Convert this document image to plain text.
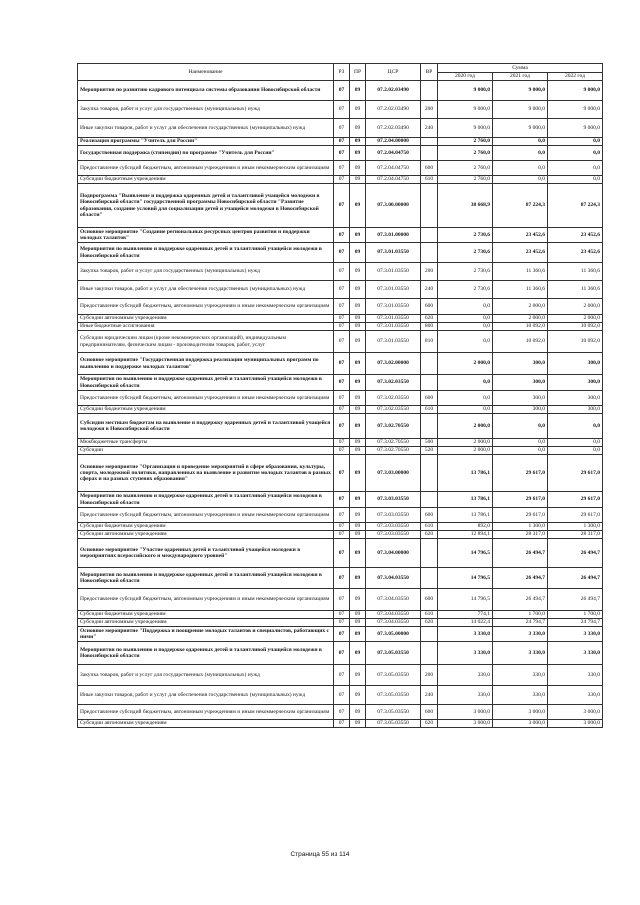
Наименование	РЗ	ПР	ЦСР	ВР	Сумма		
					2020 год	2021 год	2022 год
Мероприятия по развитию кадрового потенциала системы образования Новосибирской области	07	09	07.2.02.03490		9 000,0	9 000,0	9 000,0
Закупка товаров, работ и услуг для государственных (муниципальных) нужд	07	09	07.2.02.03490	200	9 000,0	9 000,0	9 000,0
Иные закупки товаров, работ и услуг для обеспечения государственных (муниципальных) нужд	07	09	07.2.02.03490	240	9 000,0	9 000,0	9 000,0
Реализация программы "Учитель для России"	07	09	07.2.04.00000		2 760,0	0,0	0,0
Государственная поддержка (стипендии) по программе "Учитель для России"	07	09	07.2.04.04750		2 760,0	0,0	0,0
Предоставление субсидий бюджетным, автономным учреждениям и иным некоммерческим организациям	07	09	07.2.04.04750	600	2 760,0	0,0	0,0
Субсидии бюджетным учреждениям	07	09	07.2.04.04750	610	2 760,0	0,0	0,0
Подпрограмма "Выявление и поддержка одаренных детей и талантливой учащейся молодежи в Новосибирской области" государственной программы Новосибирской области "Развитие образования, создание условий для социализации детей и учащейся молодежи в Новосибирской области"	07	09	07.3.00.00000		38 668,9	87 224,3	87 224,3
Основное мероприятие "Создание региональных ресурсных центров развития и поддержки молодых талантов"	07	09	07.3.01.00000		2 730,6	23 452,6	23 452,6
Мероприятия по выявлению и поддержке одаренных детей и талантливой учащейся молодежи в Новосибирской области	07	09	07.3.01.03550		2 730,6	23 452,6	23 452,6
Закупка товаров, работ и услуг для государственных (муниципальных) нужд	07	09	07.3.01.03550	200	2 730,6	11 360,6	11 360,6
Иные закупки товаров, работ и услуг для обеспечения государственных (муниципальных) нужд	07	09	07.3.01.03550	240	2 730,6	11 360,6	11 360,6
Предоставление субсидий бюджетным, автономным учреждениям и иным некоммерческим организациям	07	09	07.3.01.03550	600	0,0	2 000,0	2 000,0
Субсидии автономным учреждениям	07	09	07.3.01.03550	620	0,0	2 000,0	2 000,0
Иные бюджетные ассигнования	07	09	07.3.01.03550	800	0,0	10 092,0	10 092,0
Субсидии юридическим лицам (кроме некоммерческих организаций), индивидуальным предпринимателям, физическим лицам - производителям товаров, работ, услуг	07	09	07.3.01.03550	810	0,0	10 092,0	10 092,0
Основное мероприятие "Государственная поддержка реализации муниципальных программ по выявлению и поддержке молодых талантов"	07	09	07.3.02.00000		2 000,0	300,0	300,0
Мероприятия по выявлению и поддержке одаренных детей и талантливой учащейся молодежи в Новосибирской области	07	09	07.3.02.03550		0,0	300,0	300,0
Предоставление субсидий бюджетным, автономным учреждениям и иным некоммерческим организациям	07	09	07.3.02.03550	600	0,0	300,0	300,0
Субсидии бюджетным учреждениям	07	09	07.3.02.03550	610	0,0	300,0	300,0
Субсидии местным бюджетам на выявление и поддержку одаренных детей и талантливой учащейся молодежи в Новосибирской области	07	09	07.3.02.70550		2 000,0	0,0	0,0
Межбюджетные трансферты	07	09	07.3.02.70550	500	2 000,0	0,0	0,0
Субсидии	07	09	07.3.02.70550	520	2 000,0	0,0	0,0
Основное мероприятие "Организация и проведение мероприятий в сфере образования, культуры, спорта, молодежной политики, направленных на выявление и развитие молодых талантов в разных сферах и на разных ступенях образования"	07	09	07.3.03.00000		13 786,1	29 617,0	29 617,0
Мероприятия по выявлению и поддержке одаренных детей и талантливой учащейся молодежи в Новосибирской области	07	09	07.3.03.03550		13 786,1	29 617,0	29 617,0
Предоставление субсидий бюджетным, автономным учреждениям и иным некоммерческим организациям	07	09	07.3.03.03550	600	13 786,1	29 617,0	29 617,0
Субсидии бюджетным учреждениям	07	09	07.3.03.03550	610	892,0	1 300,0	1 300,0
Субсидии автономным учреждениям	07	09	07.3.03.03550	620	12 894,1	28 317,0	28 317,0
Основное мероприятие "Участие одаренных детей и талантливой учащейся молодежи в мероприятиях всероссийского и международного уровней"	07	09	07.3.04.00000		14 796,5	26 494,7	26 494,7
Мероприятия по выявлению и поддержке одаренных детей и талантливой учащейся молодежи в Новосибирской области	07	09	07.3.04.03550		14 796,5	26 494,7	26 494,7
Предоставление субсидий бюджетным, автономным учреждениям и иным некоммерческим организациям	07	09	07.3.04.03550	600	14 796,5	26 494,7	26 494,7
Субсидии бюджетным учреждениям	07	09	07.3.04.03550	610	774,1	1 700,0	1 700,0
Субсидии автономным учреждениям	07	09	07.3.04.03550	620	14 022,4	24 794,7	24 794,7
Основное мероприятие "Поддержка и поощрение молодых талантов и специалистов, работающих с ними"	07	09	07.3.05.00000		3 330,0	3 330,0	3 330,0
Мероприятия по выявлению и поддержке одаренных детей и талантливой учащейся молодежи в Новосибирской области	07	09	07.3.05.03550		3 330,0	3 330,0	3 330,0
Закупка товаров, работ и услуг для государственных (муниципальных) нужд	07	09	07.3.05.03550	200	330,0	330,0	330,0
Иные закупки товаров, работ и услуг для обеспечения государственных (муниципальных) нужд	07	09	07.3.05.03550	240	330,0	330,0	330,0
Предоставление субсидий бюджетным, автономным учреждениям и иным некоммерческим организациям	07	09	07.3.05.03550	600	3 000,0	3 000,0	3 000,0
Субсидии автономным учреждениям	07	09	07.3.05.03550	620	3 000,0	3 000,0	3 000,0
Страница 55 из 114
